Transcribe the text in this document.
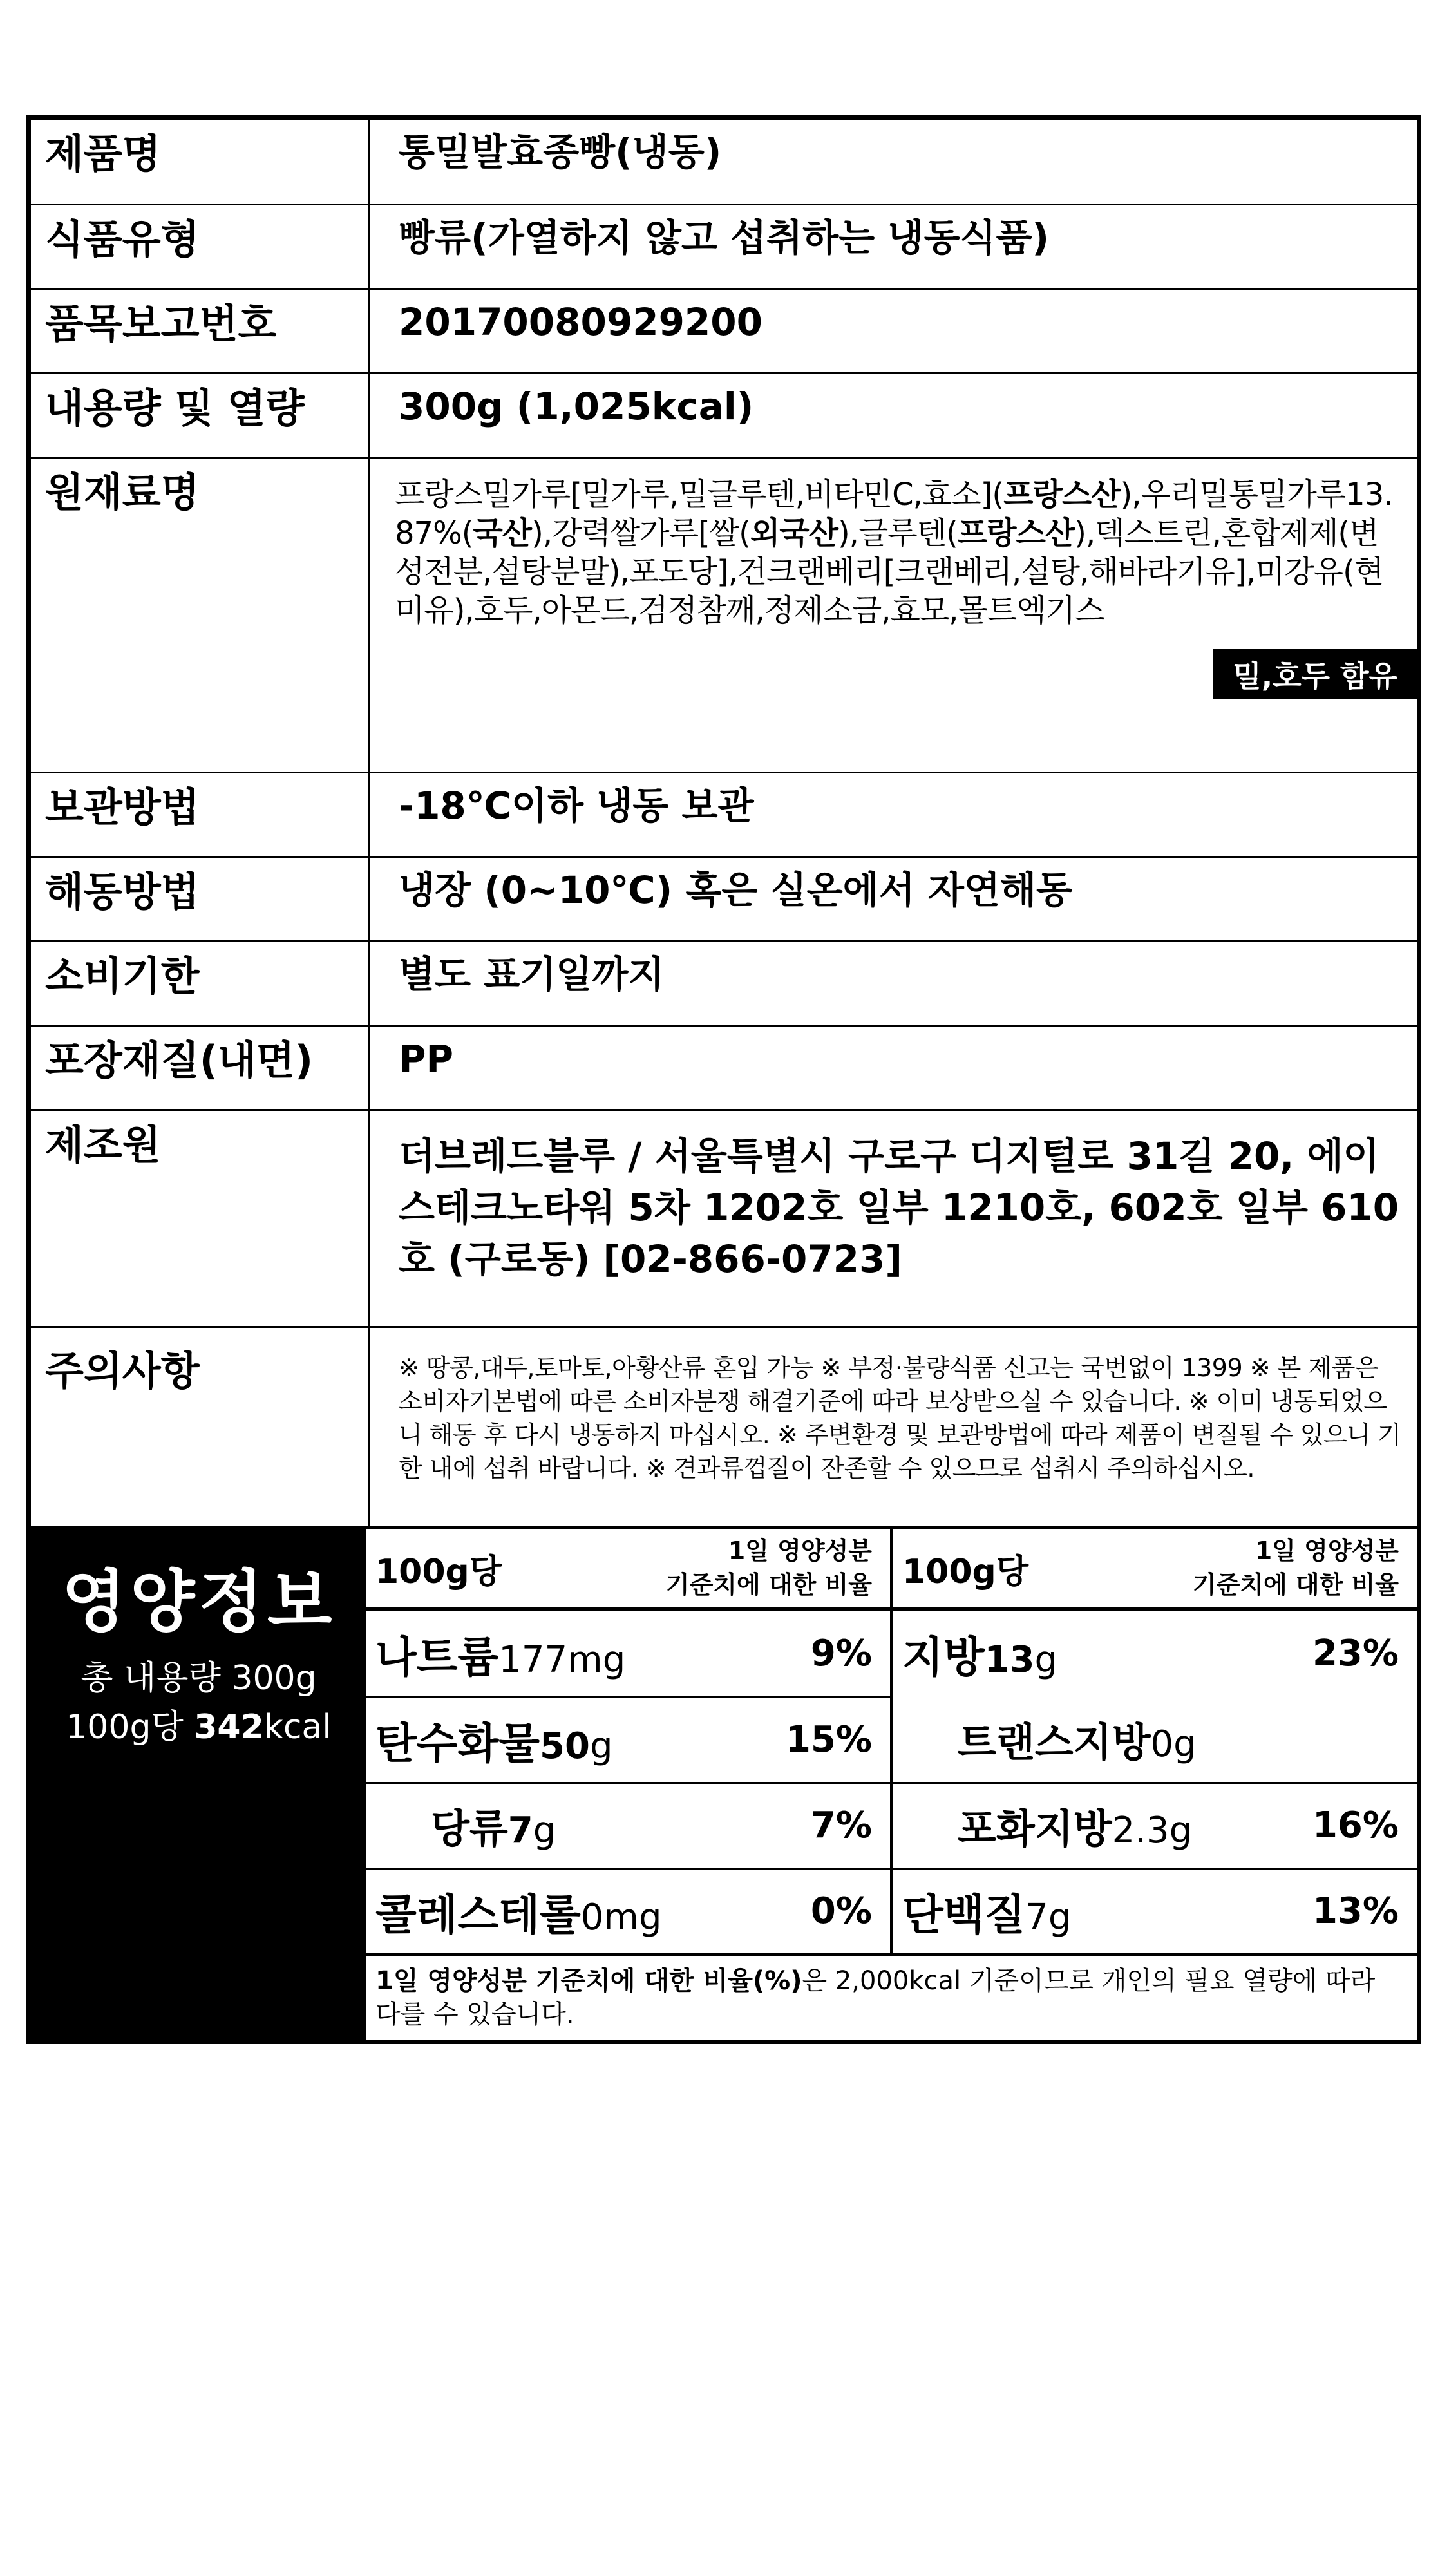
제품명	통밀발효종빵(냉동)

식품유형	빵류(가열하지 않고 섭취하는 냉동식품)

품목보고번호	20170080929200

내용량 및 열량	300g (1,025kcal)

원재료명	프랑스밀가루[밀가루,밀글루텐,비타민C,효소](프랑스산),우리밀통밀가루13.87%(국산),강력쌀가루[쌀(외국산),글루텐(프랑스산),덱스트린,혼합제제(변성전분,설탕분말),포도당],건크랜베리[크랜베리,설탕,해바라기유],미강유(현미유),호두,아몬드,검정참깨,정제소금,효모,몰트엑기스
밀,호두 함유

보관방법	-18℃이하 냉동 보관

해동방법	냉장 (0~10℃) 혹은 실온에서 자연해동

소비기한	별도 표기일까지

포장재질(내면)	PP

제조원	더브레드블루 / 서울특별시 구로구 디지털로 31길 20, 에이스테크노타워 5차 1202호 일부 1210호, 602호 일부 610호 (구로동) [02-866-0723]

주의사항	※ 땅콩,대두,토마토,아황산류 혼입 가능 ※ 부정·불량식품 신고는 국번없이 1399 ※ 본 제품은 소비자기본법에 따른 소비자분쟁 해결기준에 따라 보상받으실 수 있습니다. ※ 이미 냉동되었으니 해동 후 다시 냉동하지 마십시오. ※ 주변환경 및 보관방법에 따라 제품이 변질될 수 있으니 기한 내에 섭취 바랍니다. ※ 견과류껍질이 잔존할 수 있으므로 섭취시 주의하십시오.
영양정보
총 내용량 300g
100g당 342kcal
100g당
1일 영양성분
기준치에 대한 비율
나트륨177mg	9%
탄수화물50g	15%
당류7g	7%
콜레스테롤0mg	0%
100g당
1일 영양성분
기준치에 대한 비율
지방13g	23%
트랜스지방0g
포화지방2.3g	16%
단백질7g	13%
1일 영양성분 기준치에 대한 비율(%)은 2,000kcal 기준이므로 개인의 필요 열량에 따라 다를 수 있습니다.
